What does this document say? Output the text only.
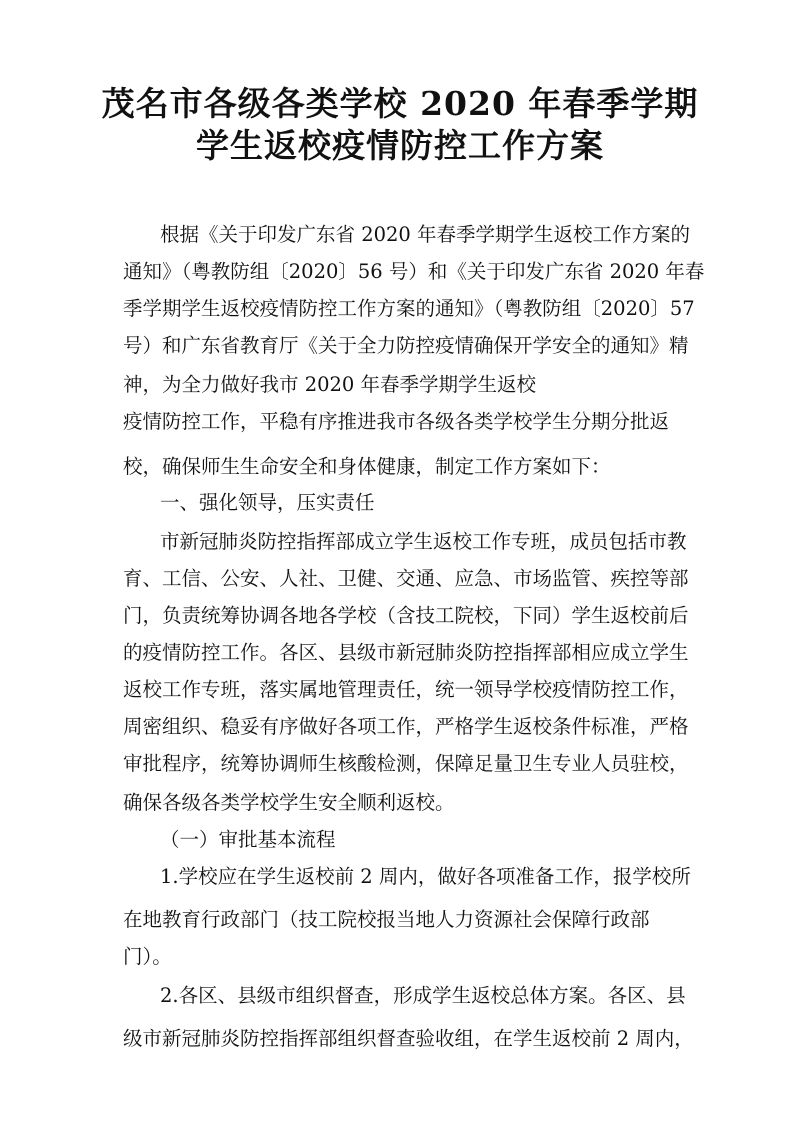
茂名市各级各类学校 2020 年春季学期
学生返校疫情防控工作方案
根据《关于印发广东省 2020 年春季学期学生返校工作方案的
通知》（粤教防组〔2020〕56 号）和《关于印发广东省 2020 年春
季学期学生返校疫情防控工作方案的通知》（粤教防组〔2020〕57
号）和广东省教育厅《关于全力防控疫情确保开学安全的通知》精
神，为全力做好我市 2020 年春季学期学生返校
疫情防控工作，平稳有序推进我市各级各类学校学生分期分批返
校，确保师生生命安全和身体健康，制定工作方案如下：
一、强化领导，压实责任
市新冠肺炎防控指挥部成立学生返校工作专班，成员包括市教
育、工信、公安、人社、卫健、交通、应急、市场监管、疾控等部
门，负责统筹协调各地各学校（含技工院校，下同）学生返校前后
的疫情防控工作。各区、县级市新冠肺炎防控指挥部相应成立学生
返校工作专班，落实属地管理责任，统一领导学校疫情防控工作，
周密组织、稳妥有序做好各项工作，严格学生返校条件标准，严格
审批程序，统筹协调师生核酸检测，保障足量卫生专业人员驻校，
确保各级各类学校学生安全顺利返校。
（一）审批基本流程
1.学校应在学生返校前 2 周内，做好各项准备工作，报学校所
在地教育行政部门（技工院校报当地人力资源社会保障行政部
门）。
2.各区、县级市组织督查，形成学生返校总体方案。各区、县
级市新冠肺炎防控指挥部组织督查验收组，在学生返校前 2 周内，
